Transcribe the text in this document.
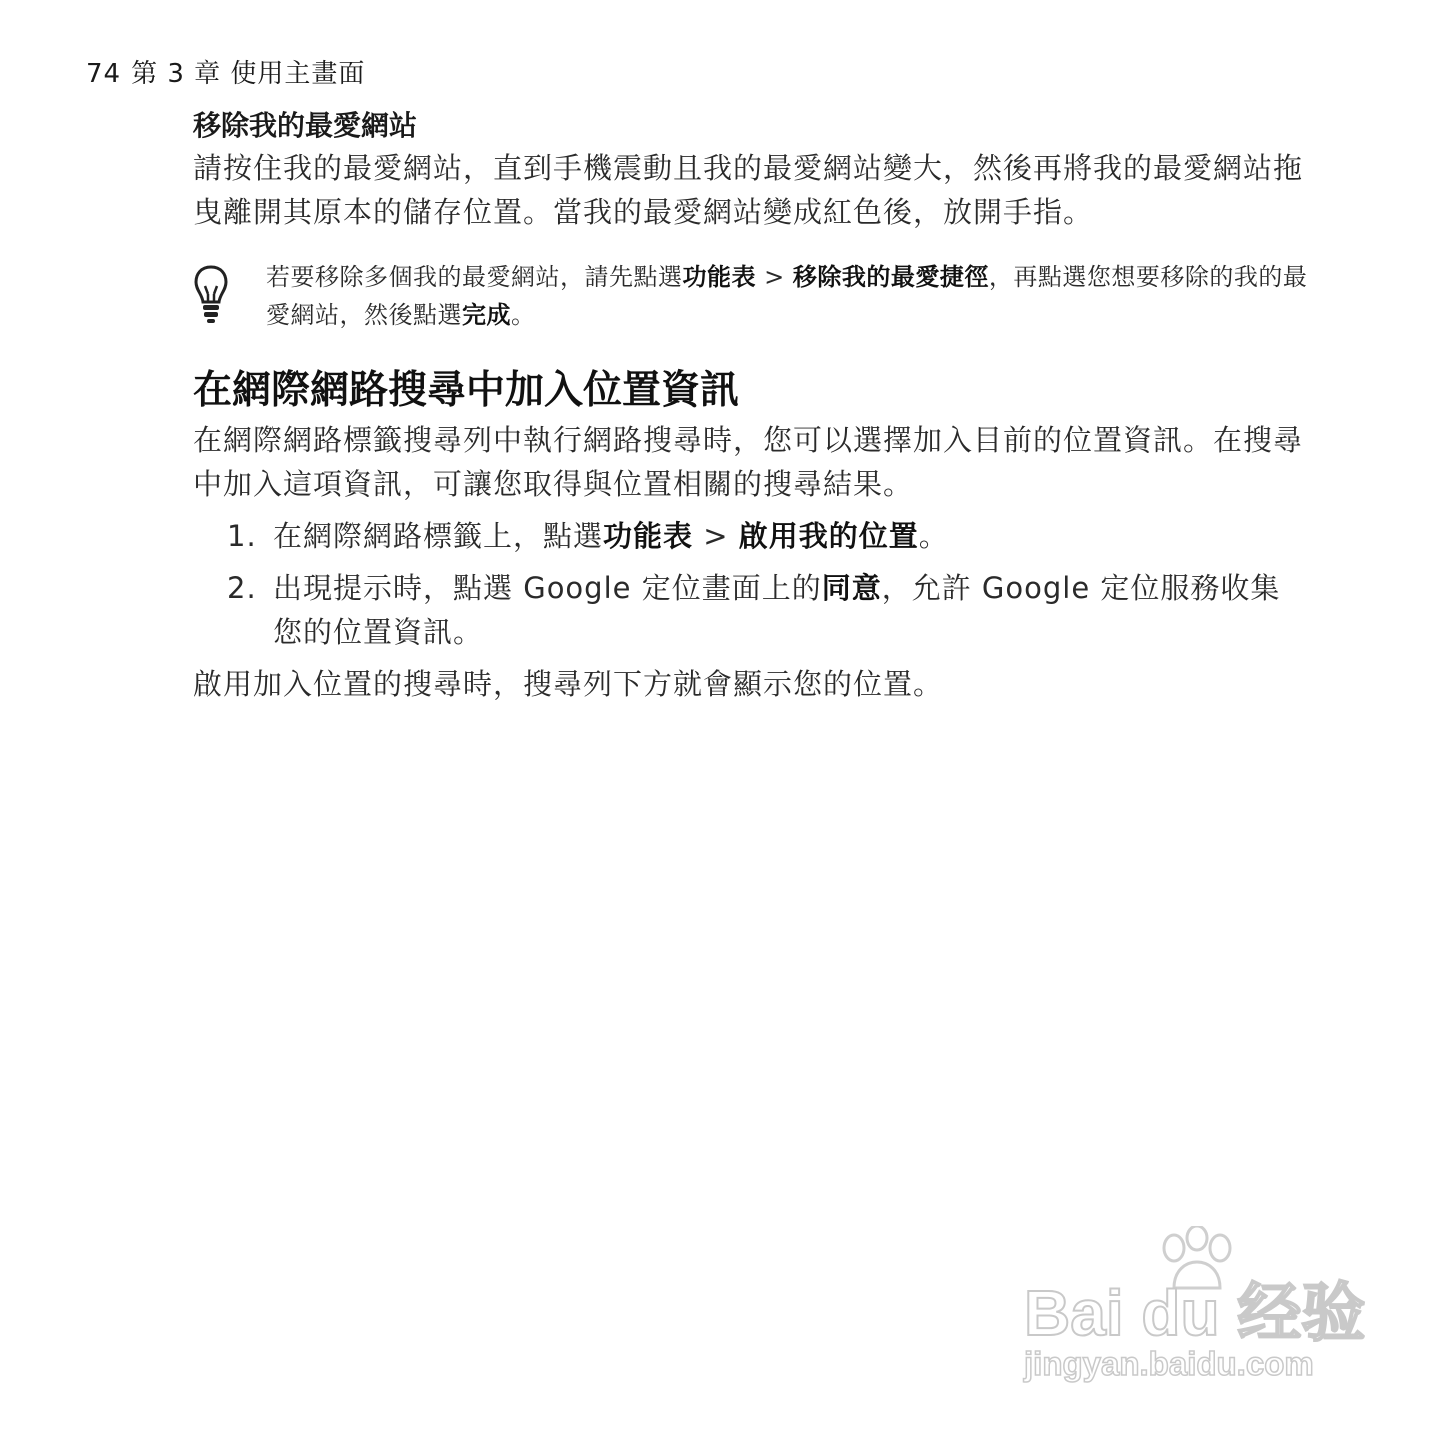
74 第 3 章 使用主畫面
移除我的最愛網站

請按住我的最愛網站，直到手機震動且我的最愛網站變大，然後再將我的最愛網站拖曳離開其原本的儲存位置。當我的最愛網站變成紅色後，放開手指。

若要移除多個我的最愛網站，請先點選功能表 > 移除我的最愛捷徑，再點選您想要移除的我的最愛網站，然後點選完成。
在網際網路搜尋中加入位置資訊

在網際網路標籤搜尋列中執行網路搜尋時，您可以選擇加入目前的位置資訊。在搜尋中加入這項資訊，可讓您取得與位置相關的搜尋結果。

1. 在網際網路標籤上，點選功能表 > 啟用我的位置。
2. 出現提示時，點選 Google 定位畫面上的同意，允許 Google 定位服務收集您的位置資訊。

啟用加入位置的搜尋時，搜尋列下方就會顯示您的位置。

Bai du 经验
jingyan.baidu.com
